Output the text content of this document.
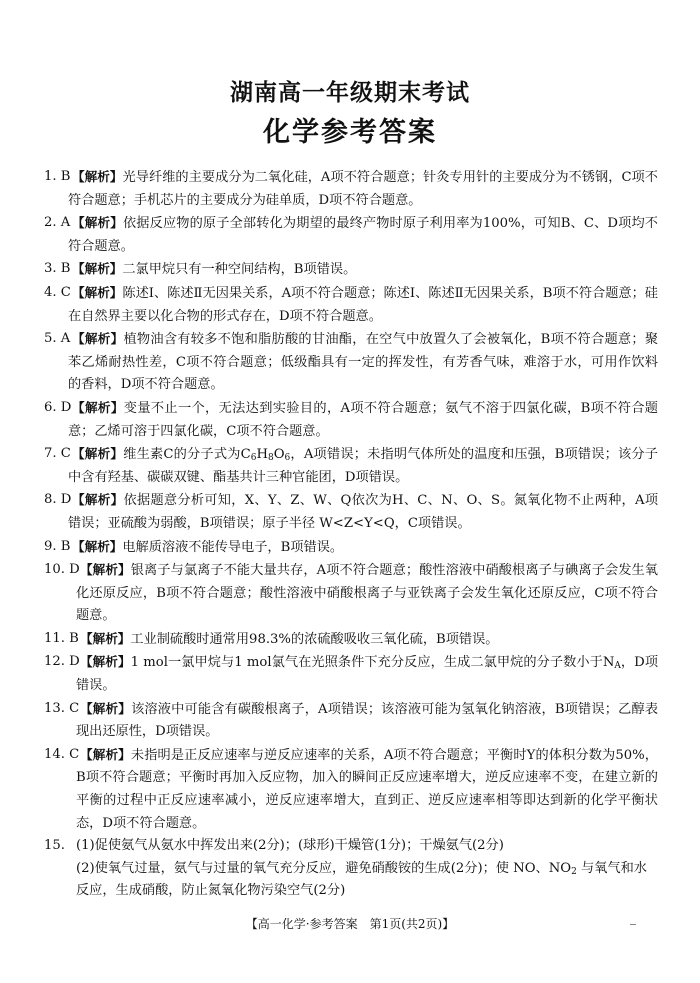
湖南高一年级期末考试
化学参考答案
1. B 【解析】光导纤维的主要成分为二氧化硅，A项不符合题意；针灸专用针的主要成分为不锈钢，C项不符合题意；手机芯片的主要成分为硅单质，D项不符合题意。
2. A 【解析】依据反应物的原子全部转化为期望的最终产物时原子利用率为100%，可知B、C、D项均不符合题意。
3. B 【解析】二氯甲烷只有一种空间结构，B项错误。
4. C 【解析】陈述Ⅰ、陈述Ⅱ无因果关系，A项不符合题意；陈述Ⅰ、陈述Ⅱ无因果关系，B项不符合题意；硅在自然界主要以化合物的形式存在，D项不符合题意。
5. A 【解析】植物油含有较多不饱和脂肪酸的甘油酯，在空气中放置久了会被氧化，B项不符合题意；聚苯乙烯耐热性差，C项不符合题意；低级酯具有一定的挥发性，有芳香气味，难溶于水，可用作饮料的香料，D项不符合题意。
6. D 【解析】变量不止一个，无法达到实验目的，A项不符合题意；氨气不溶于四氯化碳，B项不符合题意；乙烯可溶于四氯化碳，C项不符合题意。
7. C 【解析】维生素C的分子式为$C_6H_8O_6$，A项错误；未指明气体所处的温度和压强，B项错误；该分子中含有羟基、碳碳双键、酯基共计三种官能团，D项错误。
8. D 【解析】依据题意分析可知，X、Y、Z、W、Q依次为H、C、N、O、S。氮氧化物不止两种，A项错误；亚硫酸为弱酸，B项错误；原子半径 W<Z<Y<Q，C项错误。
9. B 【解析】电解质溶液不能传导电子，B项错误。
10. D 【解析】银离子与氯离子不能大量共存，A项不符合题意；酸性溶液中硝酸根离子与碘离子会发生氧化还原反应，B项不符合题意；酸性溶液中硝酸根离子与亚铁离子会发生氧化还原反应，C项不符合题意。
11. B 【解析】工业制硫酸时通常用98.3%的浓硫酸吸收三氧化硫，B项错误。
12. D 【解析】1 mol一氯甲烷与1 mol氯气在光照条件下充分反应，生成二氯甲烷的分子数小于$N_A$，D项错误。
13. C 【解析】该溶液中可能含有碳酸根离子，A项错误；该溶液可能为氢氧化钠溶液，B项错误；乙醇表现出还原性，D项错误。
14. C 【解析】未指明是正反应速率与逆反应速率的关系，A项不符合题意；平衡时Y的体积分数为50%，B项不符合题意；平衡时再加入反应物，加入的瞬间正反应速率增大，逆反应速率不变，在建立新的平衡的过程中正反应速率减小，逆反应速率增大，直到正、逆反应速率相等即达到新的化学平衡状态，D项不符合题意。
15. (1)促使氨气从氨水中挥发出来(2分)；(球形)干燥管(1分)；干燥氨气(2分)
(2)使氧气过量，氨气与过量的氧气充分反应，避免硝酸铵的生成(2分)；使 NO、$NO_2$ 与氧气和水反应，生成硝酸，防止氮氧化物污染空气(2分)
【高一化学·参考答案　第1页(共2页)】
